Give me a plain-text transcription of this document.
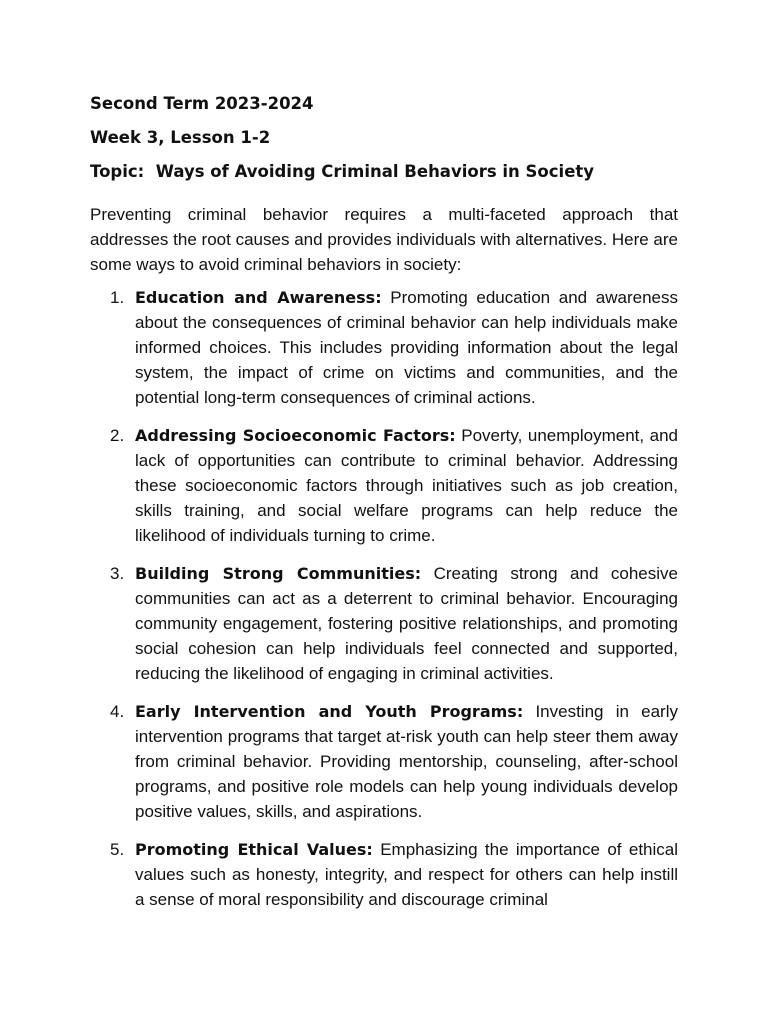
Second Term 2023-2024
Week 3, Lesson 1-2
Topic: Ways of Avoiding Criminal Behaviors in Society

Preventing criminal behavior requires a multi-faceted approach that addresses the root causes and provides individuals with alternatives. Here are some ways to avoid criminal behaviors in society:

1. Education and Awareness: Promoting education and awareness about the consequences of criminal behavior can help individuals make informed choices. This includes providing information about the legal system, the impact of crime on victims and communities, and the potential long-term consequences of criminal actions.
2. Addressing Socioeconomic Factors: Poverty, unemployment, and lack of opportunities can contribute to criminal behavior. Addressing these socioeconomic factors through initiatives such as job creation, skills training, and social welfare programs can help reduce the likelihood of individuals turning to crime.
3. Building Strong Communities: Creating strong and cohesive communities can act as a deterrent to criminal behavior. Encouraging community engagement, fostering positive relationships, and promoting social cohesion can help individuals feel connected and supported, reducing the likelihood of engaging in criminal activities.
4. Early Intervention and Youth Programs: Investing in early intervention programs that target at-risk youth can help steer them away from criminal behavior. Providing mentorship, counseling, after-school programs, and positive role models can help young individuals develop positive values, skills, and aspirations.
5. Promoting Ethical Values: Emphasizing the importance of ethical values such as honesty, integrity, and respect for others can help instill a sense of moral responsibility and discourage criminal
